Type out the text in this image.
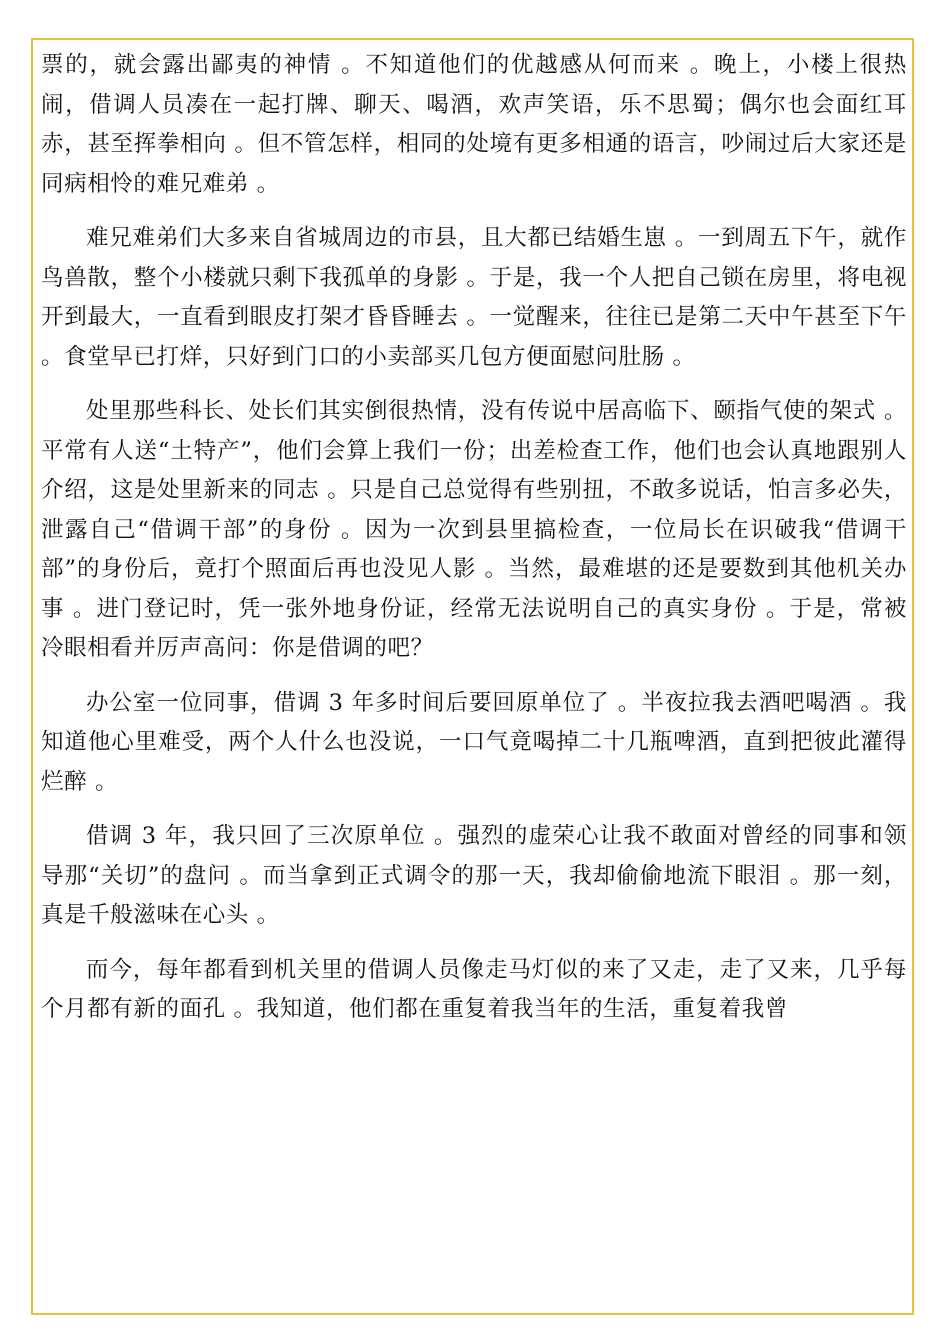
票的，就会露出鄙夷的神情 。不知道他们的优越感从何而来 。晚上，小楼上很热闹，借调人员凑在一起打牌、聊天、喝酒，欢声笑语，乐不思蜀；偶尔也会面红耳赤，甚至挥拳相向 。但不管怎样，相同的处境有更多相通的语言，吵闹过后大家还是同病相怜的难兄难弟 。

难兄难弟们大多来自省城周边的市县，且大都已结婚生崽 。一到周五下午，就作鸟兽散，整个小楼就只剩下我孤单的身影 。于是，我一个人把自己锁在房里，将电视开到最大，一直看到眼皮打架才昏昏睡去 。一觉醒来，往往已是第二天中午甚至下午 。食堂早已打烊，只好到门口的小卖部买几包方便面慰问肚肠 。

处里那些科长、处长们其实倒很热情，没有传说中居高临下、颐指气使的架式 。平常有人送“土特产”，他们会算上我们一份；出差检查工作，他们也会认真地跟别人介绍，这是处里新来的同志 。只是自己总觉得有些别扭，不敢多说话，怕言多必失，泄露自己“借调干部”的身份 。因为一次到县里搞检查，一位局长在识破我“借调干部”的身份后，竟打个照面后再也没见人影 。当然，最难堪的还是要数到其他机关办事 。进门登记时，凭一张外地身份证，经常无法说明自己的真实身份 。于是，常被冷眼相看并厉声高问：你是借调的吧？

办公室一位同事，借调 3 年多时间后要回原单位了 。半夜拉我去酒吧喝酒 。我知道他心里难受，两个人什么也没说，一口气竟喝掉二十几瓶啤酒，直到把彼此灌得烂醉 。

借调 3 年，我只回了三次原单位 。强烈的虚荣心让我不敢面对曾经的同事和领导那“关切”的盘问 。而当拿到正式调令的那一天，我却偷偷地流下眼泪 。那一刻，真是千般滋味在心头 。

而今，每年都看到机关里的借调人员像走马灯似的来了又走，走了又来，几乎每个月都有新的面孔 。我知道，他们都在重复着我当年的生活，重复着我曾
